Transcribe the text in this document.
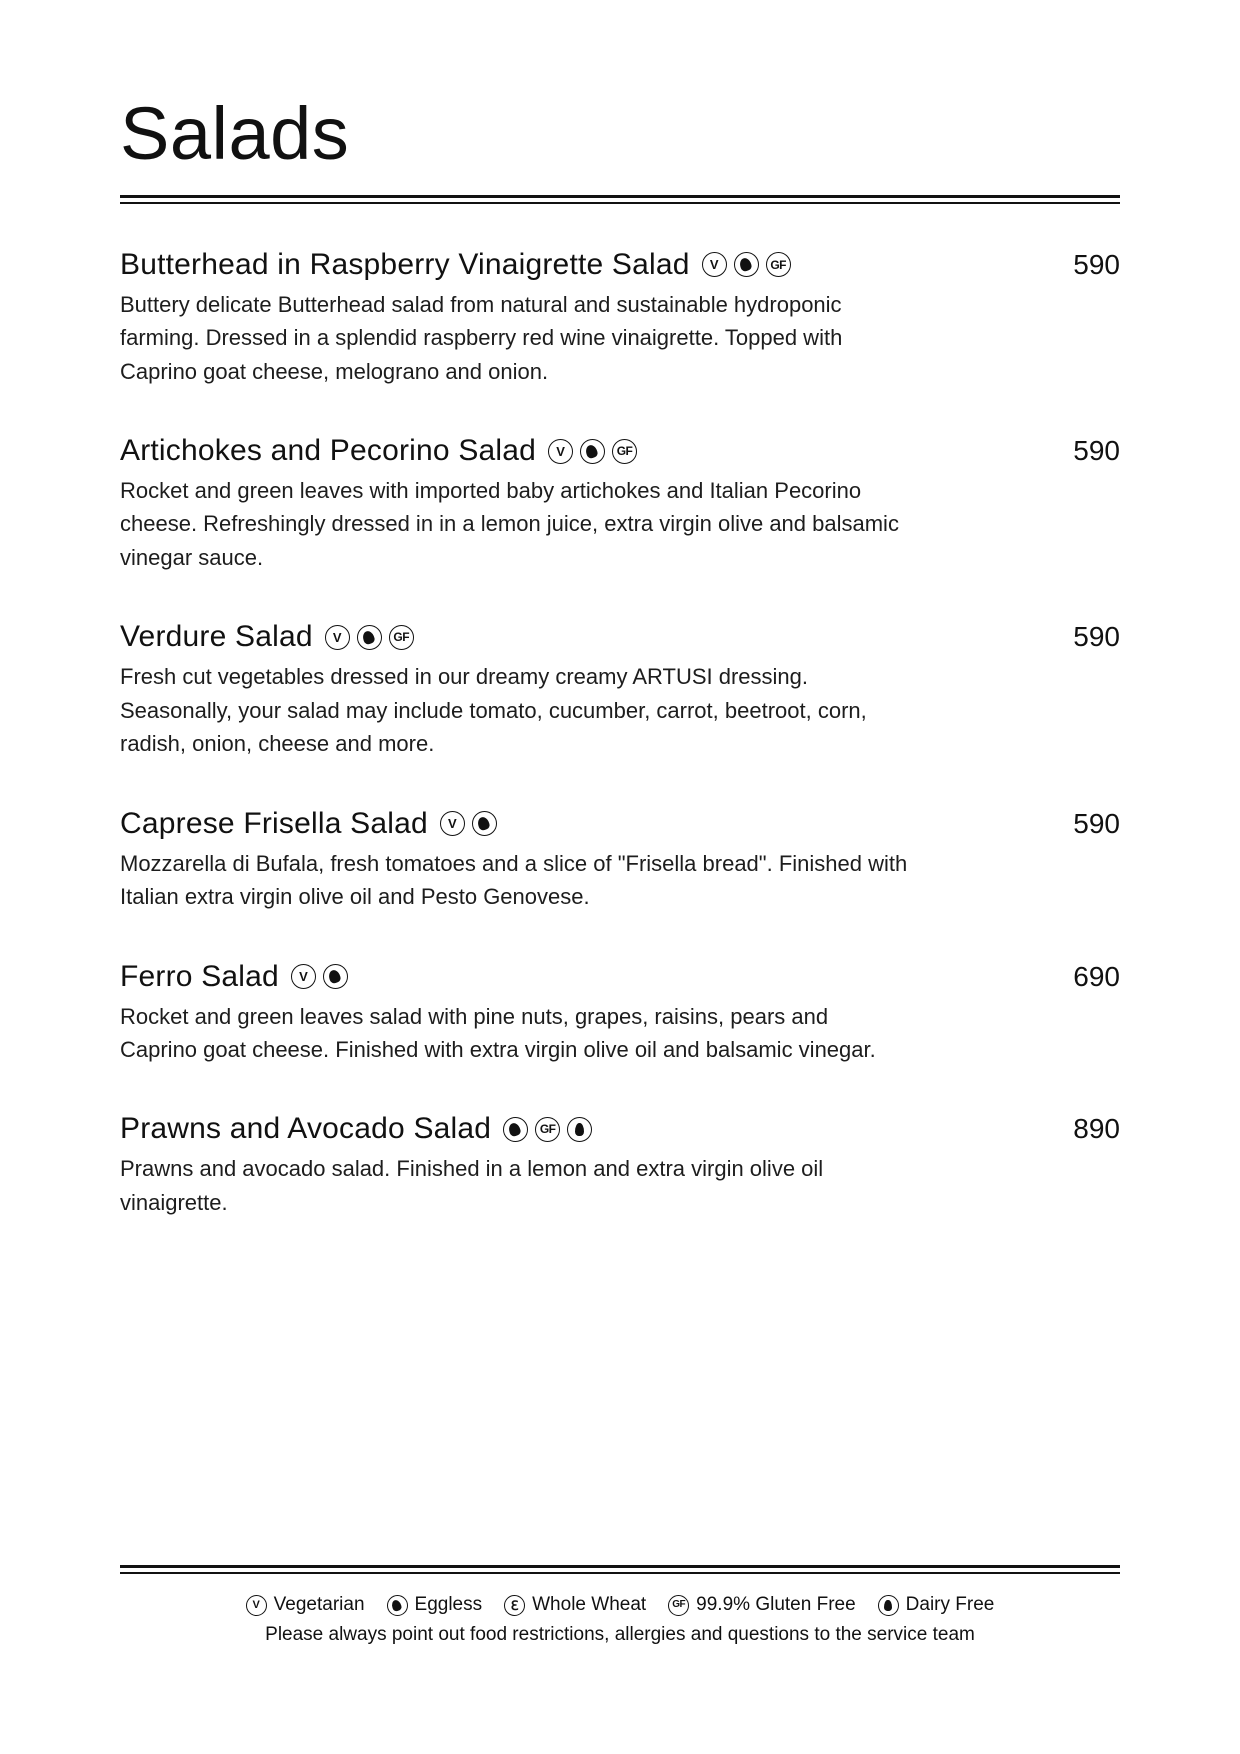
Salads
Butterhead in Raspberry Vinaigrette Salad	V	GF	590
Buttery delicate Butterhead salad from natural and sustainable hydroponic farming. Dressed in a splendid raspberry red wine vinaigrette. Topped with Caprino goat cheese, melograno and onion.
Artichokes and Pecorino Salad	V	GF	590
Rocket and green leaves with imported baby artichokes and Italian Pecorino cheese. Refreshingly dressed in in a lemon juice, extra virgin olive and balsamic vinegar sauce.
Verdure Salad	V	GF	590
Fresh cut vegetables dressed in our dreamy creamy ARTUSI dressing. Seasonally, your salad may include tomato, cucumber, carrot, beetroot, corn, radish, onion, cheese and more.
Caprese Frisella Salad	V	590
Mozzarella di Bufala, fresh tomatoes and a slice of "Frisella bread". Finished with Italian extra virgin olive oil and Pesto Genovese.
Ferro Salad	V	690
Rocket and green leaves salad with pine nuts, grapes, raisins, pears and Caprino goat cheese. Finished with extra virgin olive oil and balsamic vinegar.
Prawns and Avocado Salad	GF	890
Prawns and avocado salad. Finished in a lemon and extra virgin olive oil vinaigrette.
V Vegetarian	Eggless	ℇ Whole Wheat	GF 99.9% Gluten Free	Dairy Free
Please always point out food restrictions, allergies and questions to the service team
